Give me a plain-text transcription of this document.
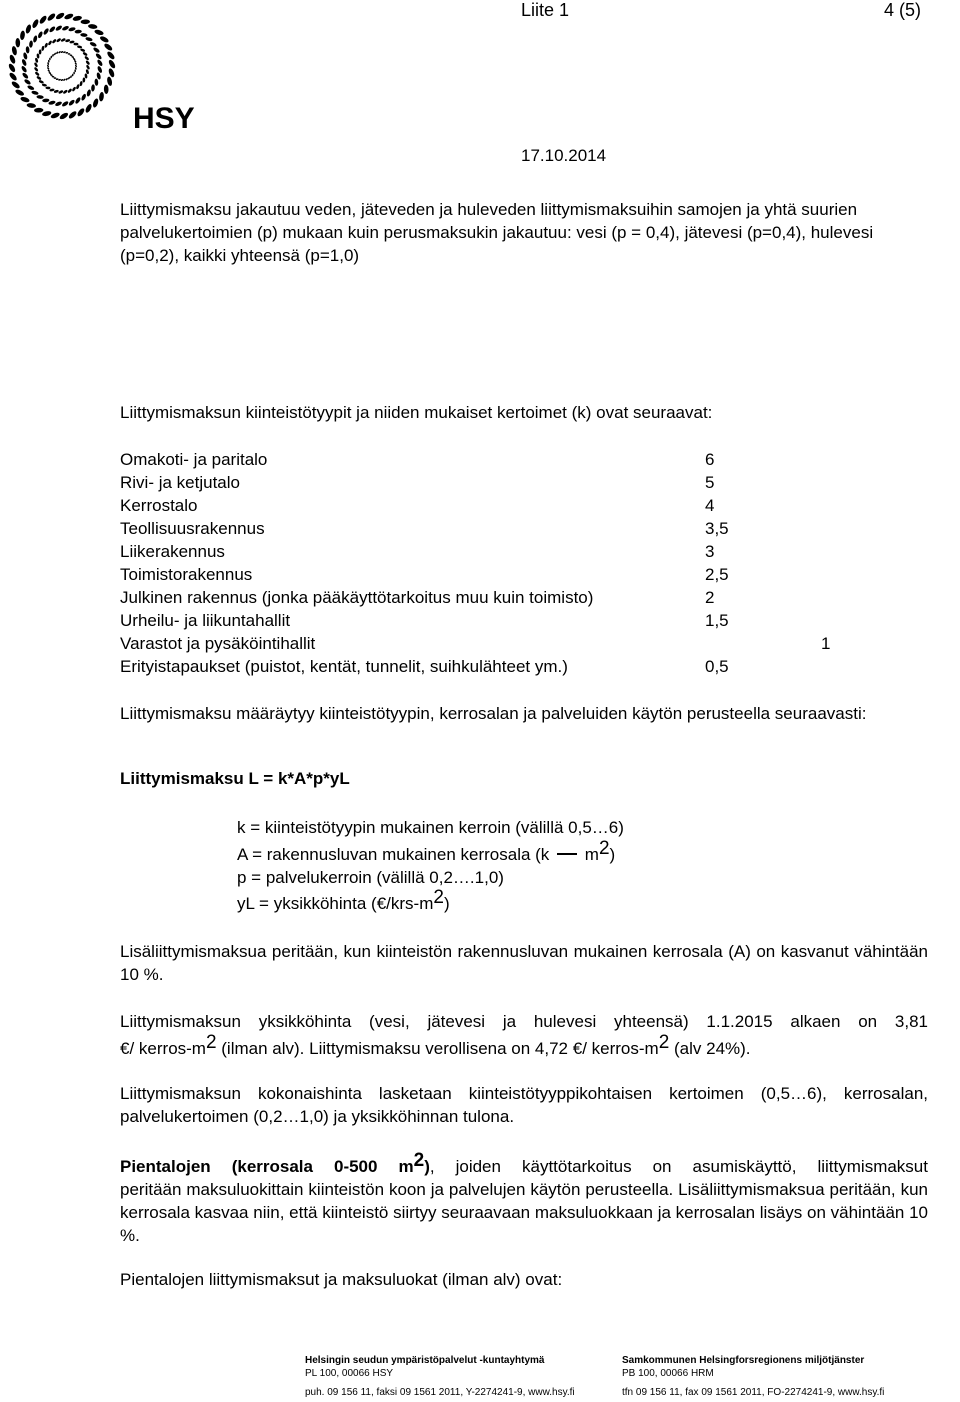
HSY
Liite 1	4 (5)
17.10.2014
Liittymismaksu jakautuu veden, jäteveden ja huleveden liittymismaksuihin samojen ja yhtä suurien palvelukertoimien (p) mukaan kuin perusmaksukin jakautuu: vesi (p = 0,4), jätevesi (p=0,4), hulevesi (p=0,2), kaikki yhteensä (p=1,0)
Liittymismaksun kiinteistötyypit ja niiden mukaiset kertoimet (k) ovat seuraavat:
Omakoti- ja paritalo	6
Rivi- ja ketjutalo	5
Kerrostalo	4
Teollisuusrakennus	3,5
Liikerakennus	3
Toimistorakennus	2,5
Julkinen rakennus (jonka pääkäyttötarkoitus muu kuin toimisto)	2
Urheilu- ja liikuntahallit	1,5
Varastot ja pysäköintihallit	1
Erityistapaukset (puistot, kentät, tunnelit, suihkulähteet ym.)	0,5
Liittymismaksu määräytyy kiinteistötyypin, kerrosalan ja palveluiden käytön perusteella seuraavasti:
Liittymismaksu L = k*A*p*yL
k = kiinteistötyypin mukainen kerroin (välillä 0,5…6)
A = rakennusluvan mukainen kerrosala (k $m^2$)
p = palvelukerroin (välillä 0,2….1,0)
yL = yksikköhinta $(€/krs-m^2)$
Lisäliittymismaksua peritään, kun kiinteistön rakennusluvan mukainen kerrosala (A) on kasvanut vähintään 10 %.
Liittymismaksun yksikköhinta (vesi, jätevesi ja hulevesi yhteensä) 1.1.2015 alkaen on 3,81
€/ kerros-$m^2$ (ilman alv). Liittymismaksu verollisena on 4,72 €/ kerros-$m^2$ (alv 24%).
Liittymismaksun kokonaishinta lasketaan kiinteistötyyppikohtaisen kertoimen (0,5…6), kerrosalan, palvelukertoimen (0,2…1,0) ja yksikköhinnan tulona.
Pientalojen (kerrosala 0-500 $m^2$), joiden käyttötarkoitus on asumiskäyttö, liittymismaksut
peritään maksuluokittain kiinteistön koon ja palvelujen käytön perusteella. Lisäliittymismaksua peritään, kun kerrosala kasvaa niin, että kiinteistö siirtyy seuraavaan maksuluokkaan ja kerrosalan lisäys on vähintään 10 %.
Pientalojen liittymismaksut ja maksuluokat (ilman alv) ovat:
Helsingin seudun ympäristöpalvelut -kuntayhtymä
PL 100, 00066 HSY
puh. 09 156 11, faksi 09 1561 2011, Y-2274241-9, www.hsy.fi
Samkommunen Helsingforsregionens miljötjänster
PB 100, 00066 HRM
tfn 09 156 11, fax 09 1561 2011, FO-2274241-9, www.hsy.fi
